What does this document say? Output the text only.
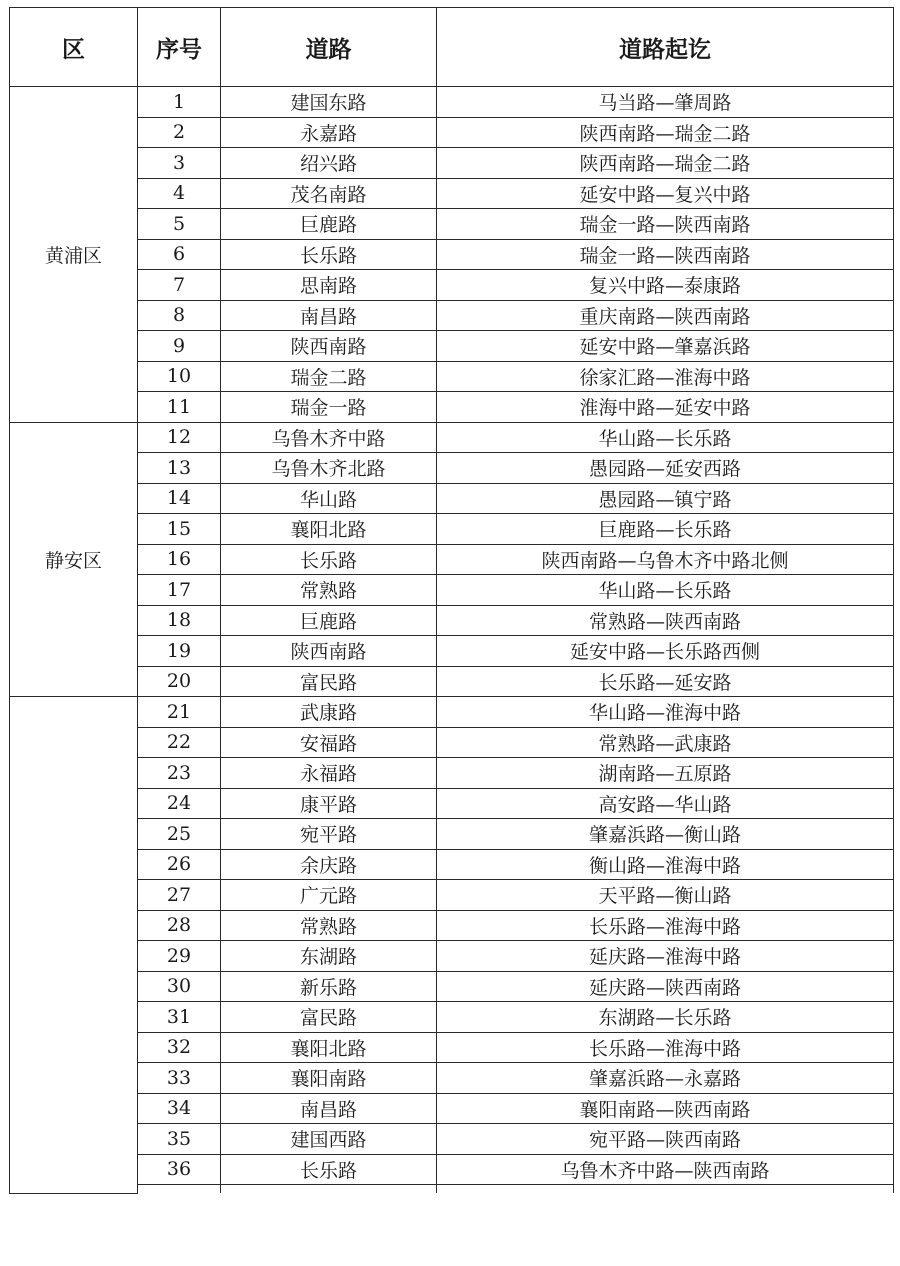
区	序号	道路	道路起讫
黄浦区	1	建国东路	马当路—肇周路
	2	永嘉路	陕西南路—瑞金二路
	3	绍兴路	陕西南路—瑞金二路
	4	茂名南路	延安中路—复兴中路
	5	巨鹿路	瑞金一路—陕西南路
	6	长乐路	瑞金一路—陕西南路
	7	思南路	复兴中路—泰康路
	8	南昌路	重庆南路—陕西南路
	9	陕西南路	延安中路—肇嘉浜路
	10	瑞金二路	徐家汇路—淮海中路
	11	瑞金一路	淮海中路—延安中路
静安区	12	乌鲁木齐中路	华山路—长乐路
	13	乌鲁木齐北路	愚园路—延安西路
	14	华山路	愚园路—镇宁路
	15	襄阳北路	巨鹿路—长乐路
	16	长乐路	陕西南路—乌鲁木齐中路北侧
	17	常熟路	华山路—长乐路
	18	巨鹿路	常熟路—陕西南路
	19	陕西南路	延安中路—长乐路西侧
	20	富民路	长乐路—延安路
	21	武康路	华山路—淮海中路
	22	安福路	常熟路—武康路
	23	永福路	湖南路—五原路
	24	康平路	高安路—华山路
	25	宛平路	肇嘉浜路—衡山路
	26	余庆路	衡山路—淮海中路
	27	广元路	天平路—衡山路
	28	常熟路	长乐路—淮海中路
	29	东湖路	延庆路—淮海中路
	30	新乐路	延庆路—陕西南路
	31	富民路	东湖路—长乐路
	32	襄阳北路	长乐路—淮海中路
	33	襄阳南路	肇嘉浜路—永嘉路
	34	南昌路	襄阳南路—陕西南路
	35	建国西路	宛平路—陕西南路
	36	长乐路	乌鲁木齐中路—陕西南路
